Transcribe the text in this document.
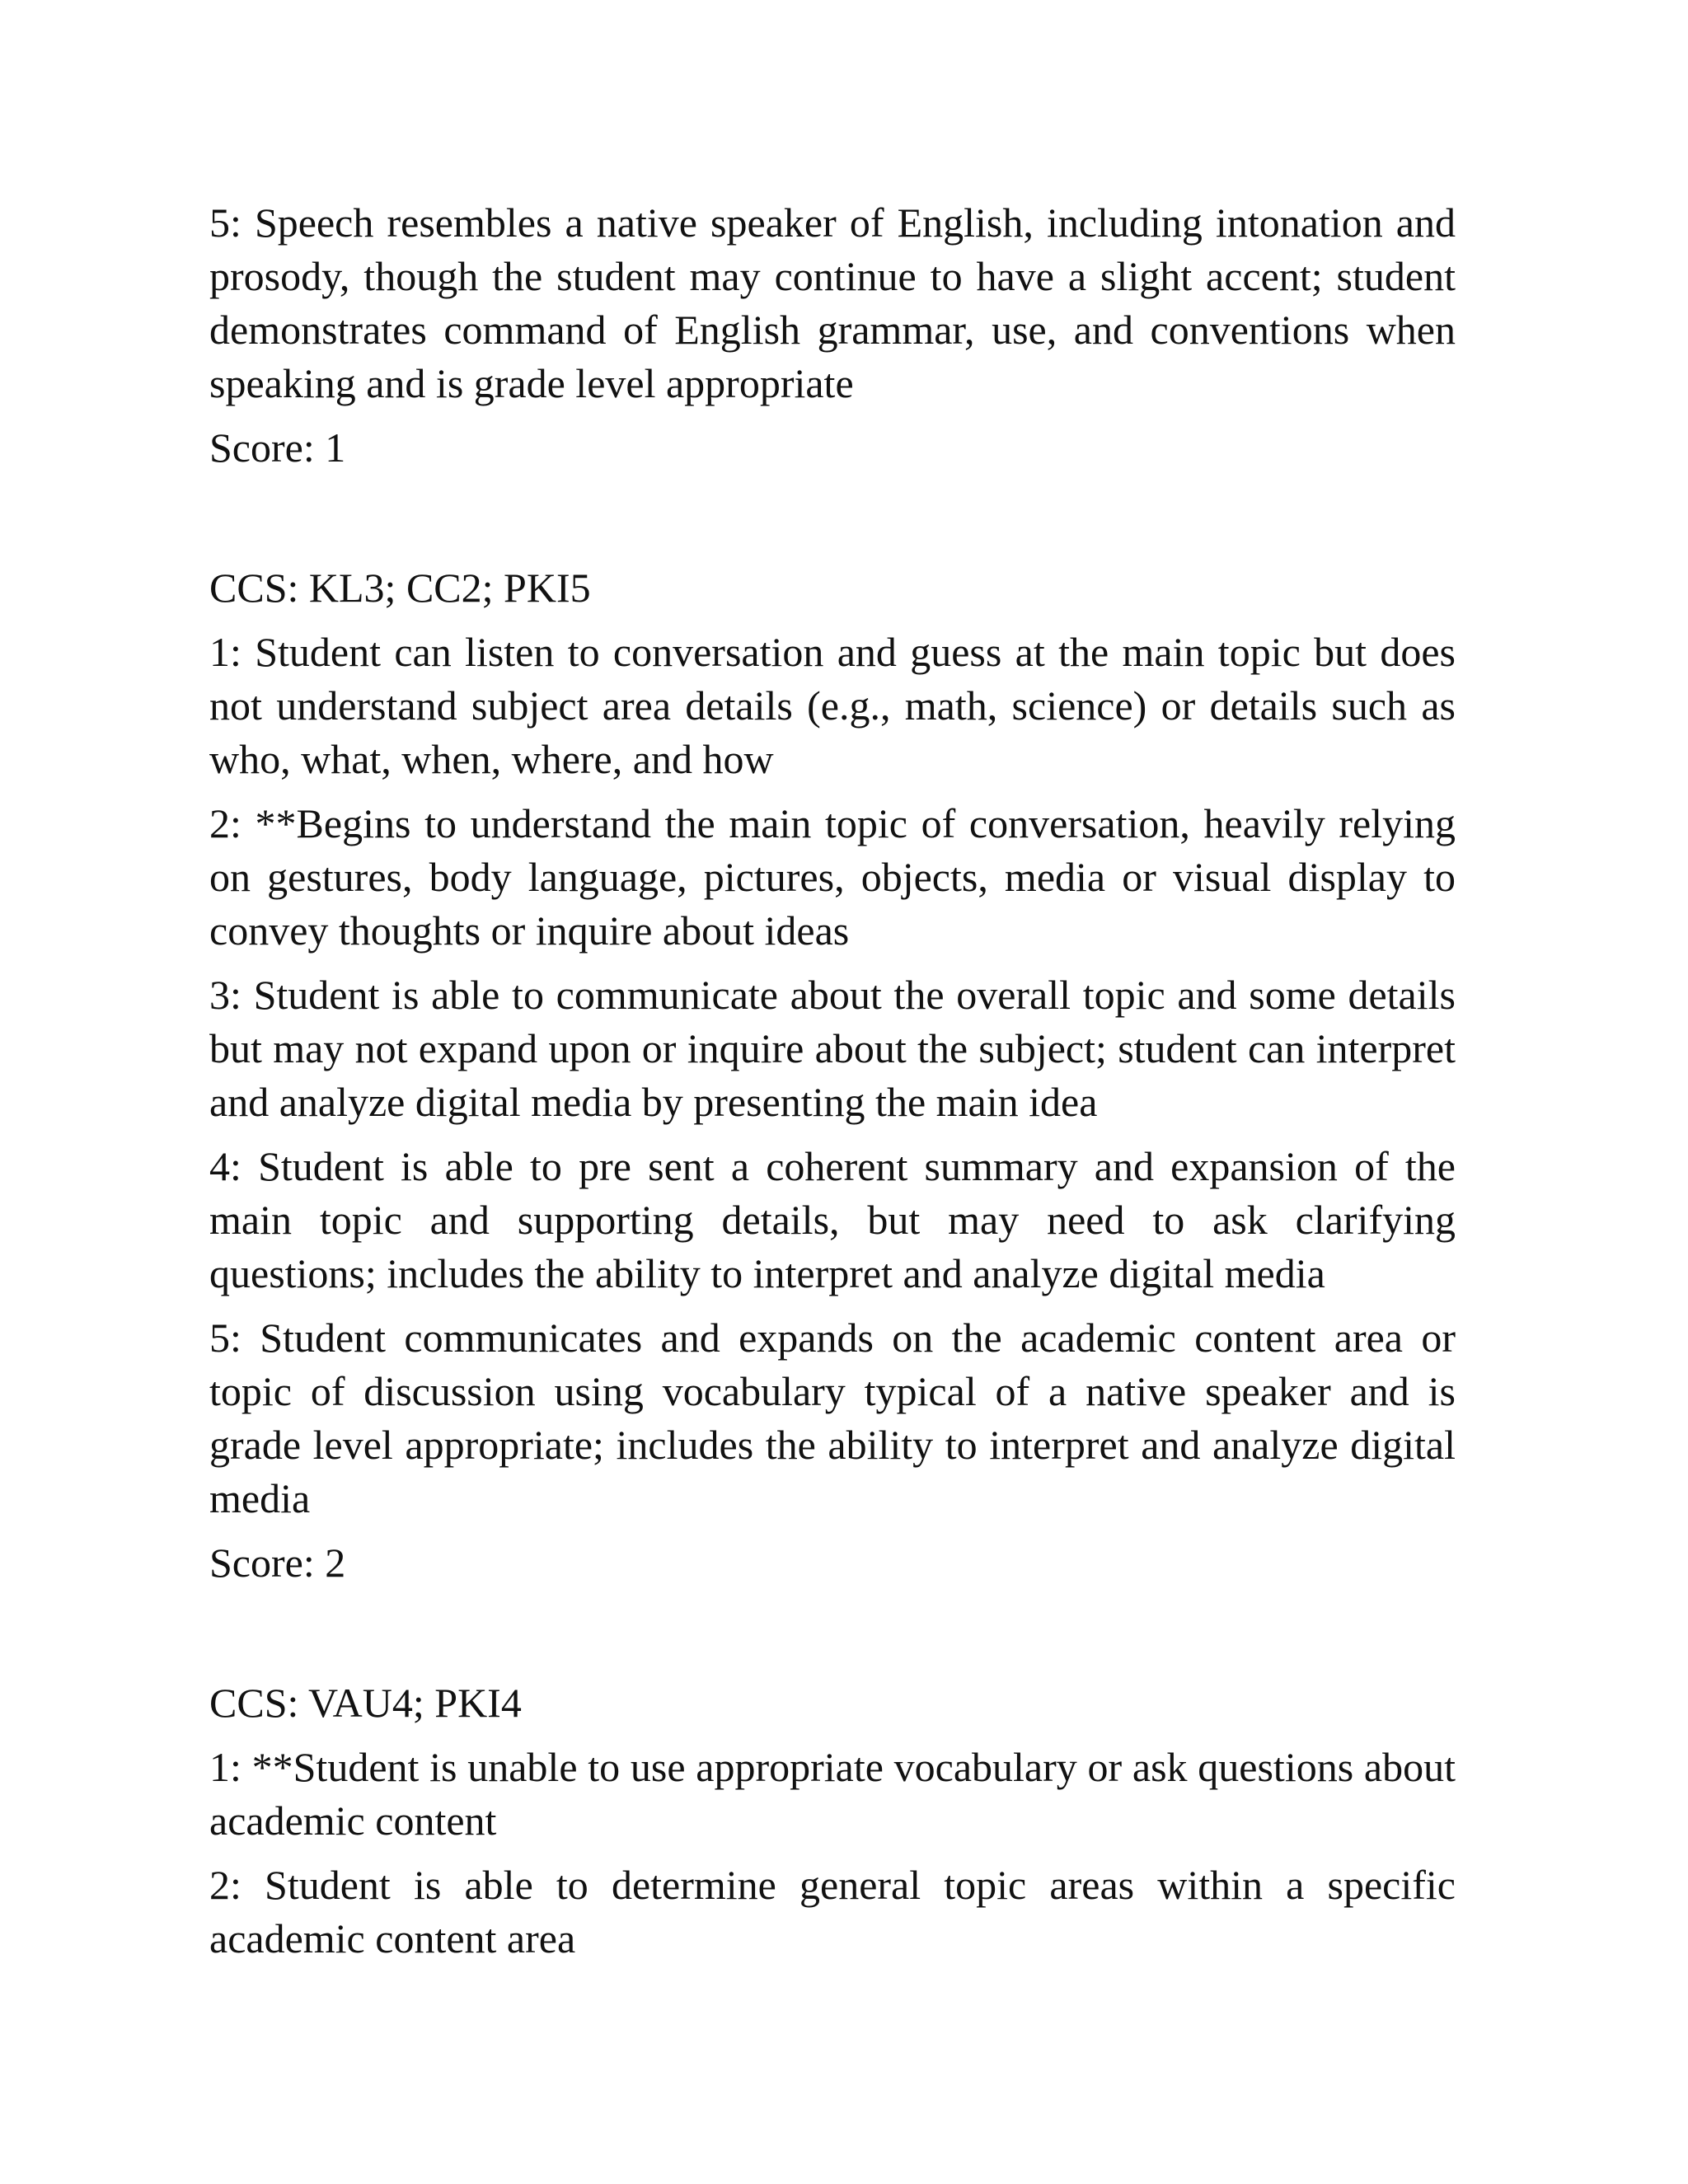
5: Speech resembles a native speaker of English, including intonation and prosody, though the student may continue to have a slight accent; student demonstrates command of English grammar, use, and conventions when speaking and is grade level appropriate

Score: 1

CCS: KL3; CC2; PKI5

1: Student can listen to conversation and guess at the main topic but does not understand subject area details (e.g., math, science) or details such as who, what, when, where, and how

2: **Begins to understand the main topic of conversation, heavily relying on gestures, body language, pictures, objects, media or visual display to convey thoughts or inquire about ideas

3: Student is able to communicate about the overall topic and some details but may not expand upon or inquire about the subject; student can interpret and analyze digital media by presenting the main idea

4: Student is able to pre sent a coherent summary and expansion of the main topic and supporting details, but may need to ask clarifying questions; includes the ability to interpret and analyze digital media

5: Student communicates and expands on the academic content area or topic of discussion using vocabulary typical of a native speaker and is grade level appropriate; includes the ability to interpret and analyze digital media

Score: 2

CCS: VAU4; PKI4

1: **Student is unable to use appropriate vocabulary or ask questions about academic content

2: Student is able to determine general topic areas within a specific academic content area
